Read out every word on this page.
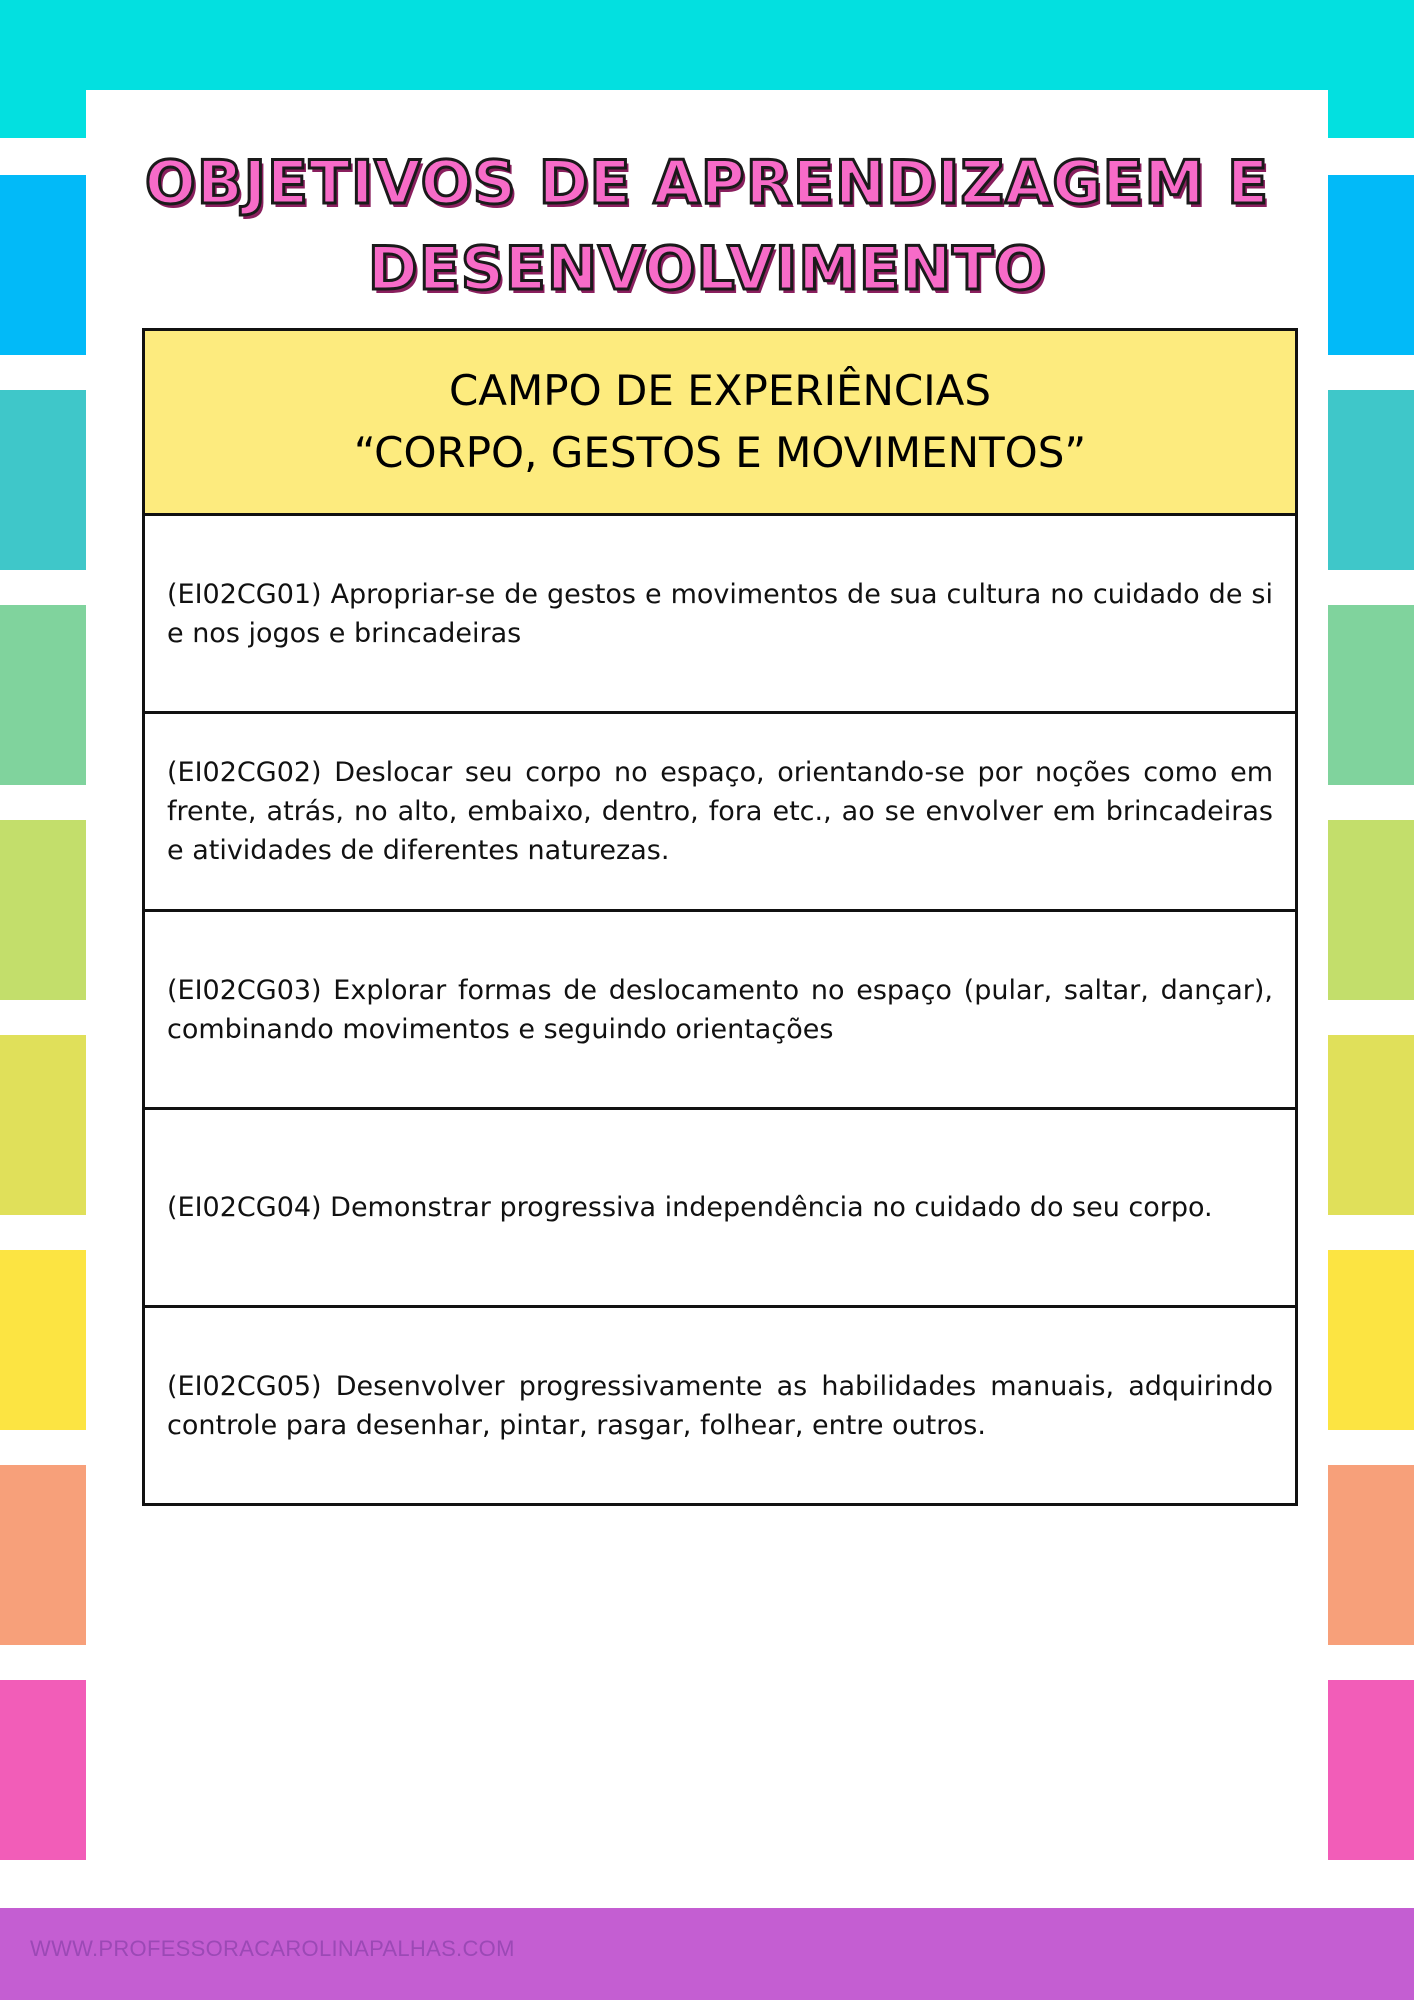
OBJETIVOS DE APRENDIZAGEM E
DESENVOLVIMENTO
CAMPO DE EXPERIÊNCIAS
“CORPO, GESTOS E MOVIMENTOS”
(EI02CG01) Apropriar-se de gestos e movimentos de sua cultura no cuidado de si e nos jogos e brincadeiras
(EI02CG02) Deslocar seu corpo no espaço, orientando-se por noções como em frente, atrás, no alto, embaixo, dentro, fora etc., ao se envolver em brincadeiras e atividades de diferentes naturezas.
(EI02CG03) Explorar formas de deslocamento no espaço (pular, saltar, dançar), combinando movimentos e seguindo orientações
(EI02CG04) Demonstrar progressiva independência no cuidado do seu corpo.
(EI02CG05) Desenvolver progressivamente as habilidades manuais, adquirindo controle para desenhar, pintar, rasgar, folhear, entre outros.
WWW.PROFESSORACAROLINAPALHAS.COM
